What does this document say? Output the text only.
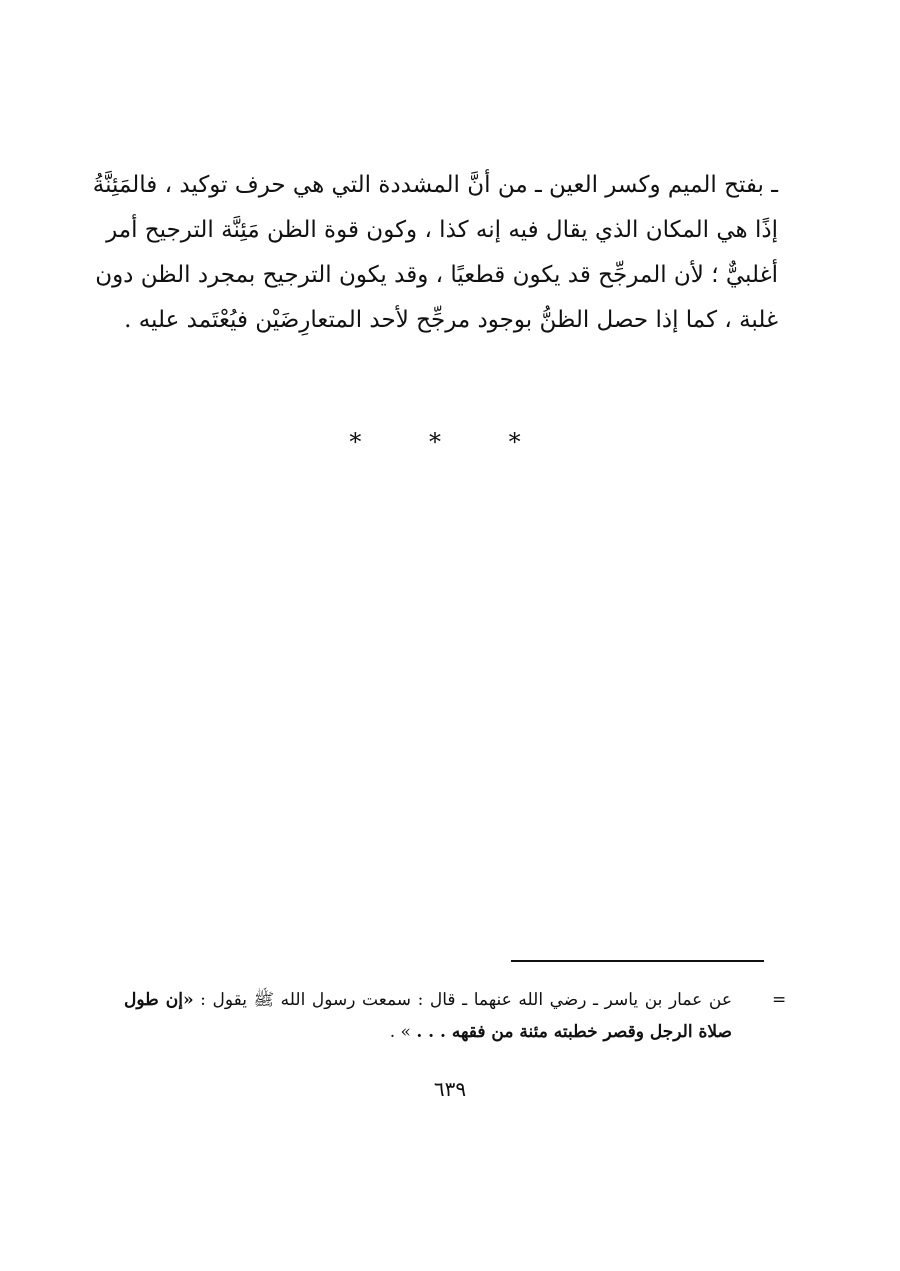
ـ بفتح الميم وكسر العين ـ من أنَّ المشددة التي هي حرف توكيد ، فالمَئِنَّةُ
إذًا هي المكان الذي يقال فيه إنه كذا ، وكون قوة الظن مَئِنَّة الترجيح أمر
أغلبيٌّ ؛ لأن المرجِّح قد يكون قطعيًا ، وقد يكون الترجيح بمجرد الظن دون
غلبة ، كما إذا حصل الظنُّ بوجود مرجِّح لأحد المتعارِضَيْن فيُعْتَمد عليه .
* * *
=
عن عمار بن ياسر ـ رضي الله عنهما ـ قال : سمعت رسول الله ﷺ يقول : «إن طول
صلاة الرجل وقصر خطبته مئنة من فقهه . . . » .
٦٣٩
